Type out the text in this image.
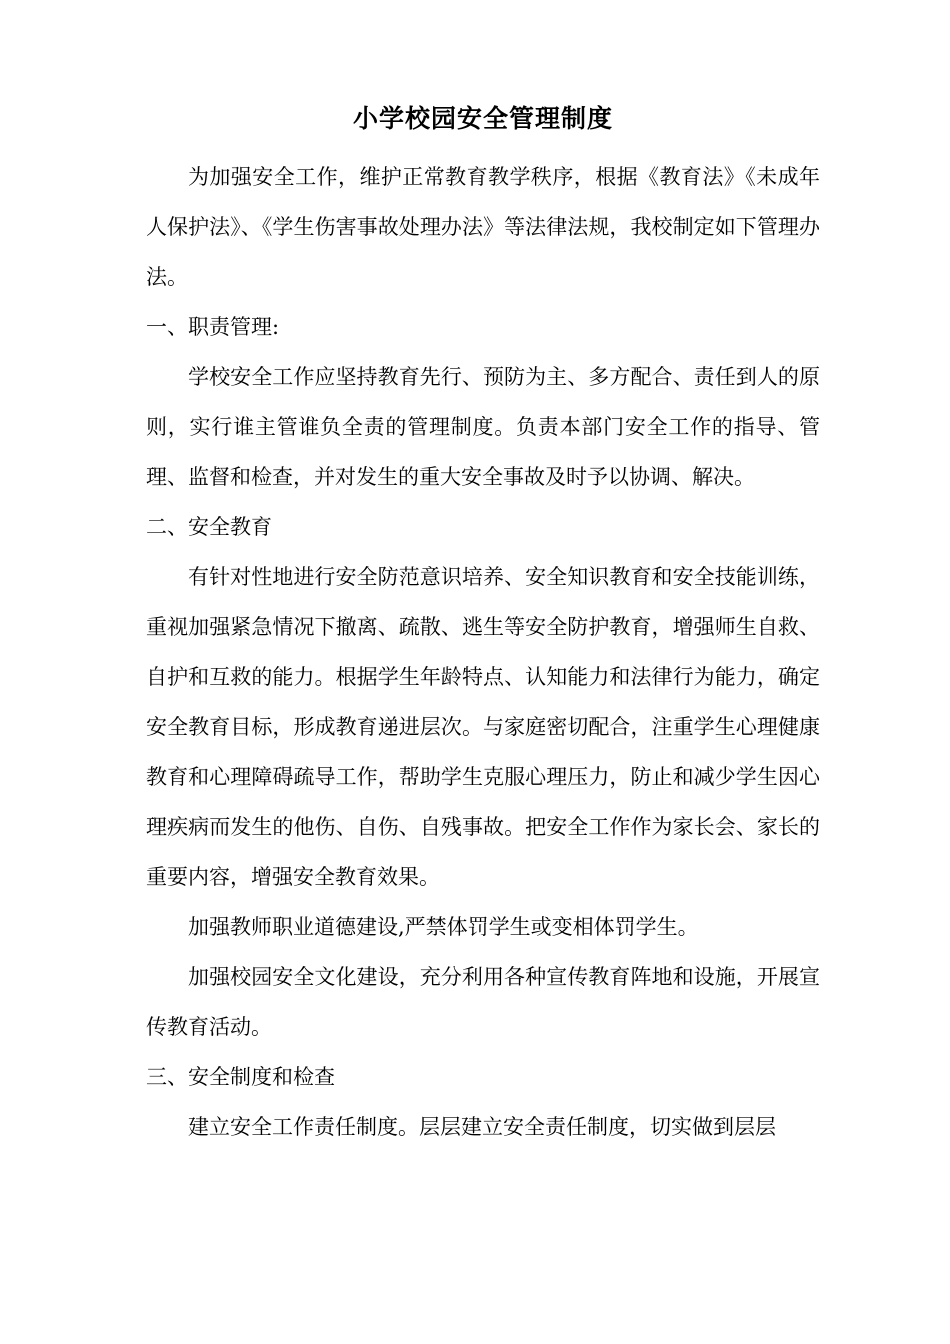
小学校园安全管理制度

为加强安全工作，维护正常教育教学秩序，根据《教育法》《未成年人保护法》、《学生伤害事故处理办法》等法律法规，我校制定如下管理办法。

一、职责管理:

学校安全工作应坚持教育先行、预防为主、多方配合、责任到人的原则，实行谁主管谁负全责的管理制度。负责本部门安全工作的指导、管理、监督和检查，并对发生的重大安全事故及时予以协调、解决。

二、安全教育

有针对性地进行安全防范意识培养、安全知识教育和安全技能训练，重视加强紧急情况下撤离、疏散、逃生等安全防护教育，增强师生自救、自护和互救的能力。根据学生年龄特点、认知能力和法律行为能力，确定安全教育目标，形成教育递进层次。与家庭密切配合，注重学生心理健康教育和心理障碍疏导工作，帮助学生克服心理压力，防止和减少学生因心理疾病而发生的他伤、自伤、自残事故。把安全工作作为家长会、家长的重要内容，增强安全教育效果。

加强教师职业道德建设,严禁体罚学生或变相体罚学生。

加强校园安全文化建设，充分利用各种宣传教育阵地和设施，开展宣传教育活动。

三、安全制度和检查

建立安全工作责任制度。层层建立安全责任制度，切实做到层层
